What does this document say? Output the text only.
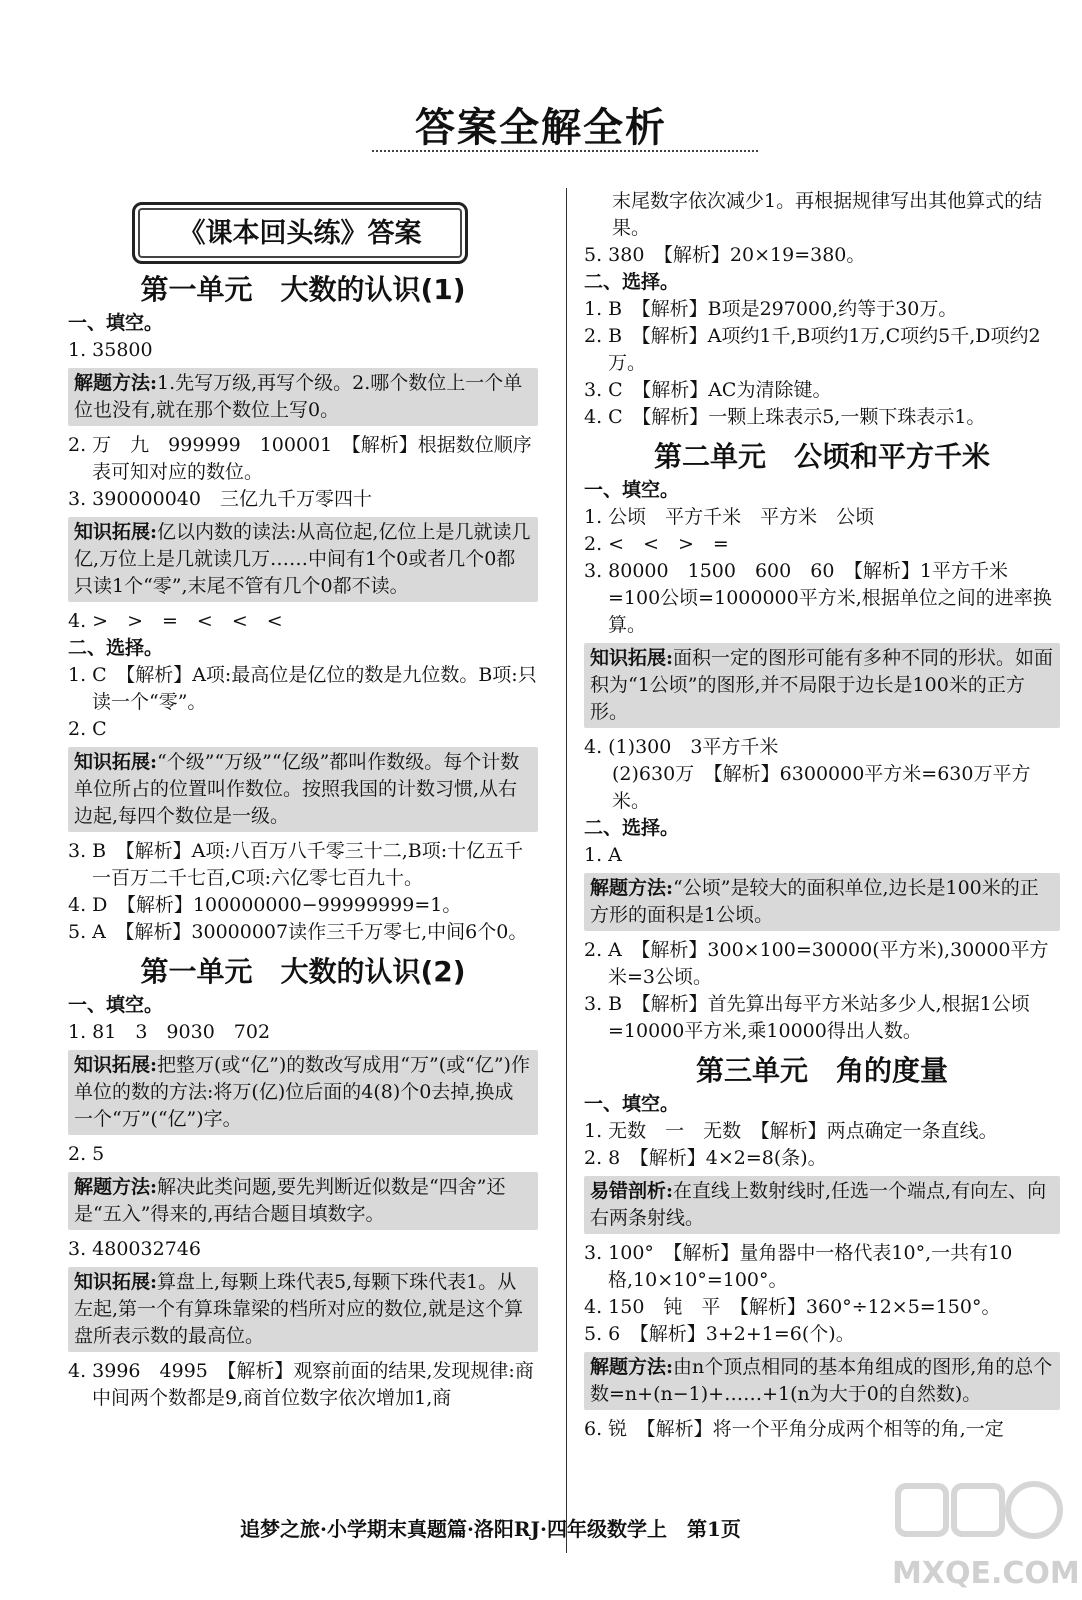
答案全解全析
《课本回头练》答案
第一单元　大数的认识(1)
一、填空。
1. 35800
解题方法:1.先写万级,再写个级。2.哪个数位上一个单位也没有,就在那个数位上写0。
2. 万　九　999999　100001　【解析】根据数位顺序表可知对应的数位。
3. 390000040　三亿九千万零四十
知识拓展:亿以内数的读法:从高位起,亿位上是几就读几亿,万位上是几就读几万……中间有1个0或者几个0都只读1个“零”,末尾不管有几个0都不读。
4. >　>　=　<　<　<
二、选择。
1. C　【解析】A项:最高位是亿位的数是九位数。B项:只读一个“零”。
2. C
知识拓展:“个级”“万级”“亿级”都叫作数级。每个计数单位所占的位置叫作数位。按照我国的计数习惯,从右边起,每四个数位是一级。
3. B　【解析】A项:八百万八千零三十二,B项:十亿五千一百万二千七百,C项:六亿零七百九十。
4. D　【解析】100000000−99999999=1。
5. A　【解析】30000007读作三千万零七,中间6个0。
第一单元　大数的认识(2)
一、填空。
1. 81　3　9030　702
知识拓展:把整万(或“亿”)的数改写成用“万”(或“亿”)作单位的数的方法:将万(亿)位后面的4(8)个0去掉,换成一个“万”(“亿”)字。
2. 5
解题方法:解决此类问题,要先判断近似数是“四舍”还是“五入”得来的,再结合题目填数字。
3. 480032746
知识拓展:算盘上,每颗上珠代表5,每颗下珠代表1。从左起,第一个有算珠靠梁的档所对应的数位,就是这个算盘所表示数的最高位。
4. 3996　4995　【解析】观察前面的结果,发现规律:商中间两个数都是9,商首位数字依次增加1,商
末尾数字依次减少1。再根据规律写出其他算式的结果。
5. 380　【解析】20×19=380。
二、选择。
1. B　【解析】B项是297000,约等于30万。
2. B　【解析】A项约1千,B项约1万,C项约5千,D项约2万。
3. C　【解析】AC为清除键。
4. C　【解析】一颗上珠表示5,一颗下珠表示1。
第二单元　公顷和平方千米
一、填空。
1. 公顷　平方千米　平方米　公顷
2. <　<　>　=
3. 80000　1500　600　60　【解析】1平方千米=100公顷=1000000平方米,根据单位之间的进率换算。
知识拓展:面积一定的图形可能有多种不同的形状。如面积为“1公顷”的图形,并不局限于边长是100米的正方形。
4. (1)300　3平方千米
(2)630万　【解析】6300000平方米=630万平方米。
二、选择。
1. A
解题方法:“公顷”是较大的面积单位,边长是100米的正方形的面积是1公顷。
2. A　【解析】300×100=30000(平方米),30000平方米=3公顷。
3. B　【解析】首先算出每平方米站多少人,根据1公顷=10000平方米,乘10000得出人数。
第三单元　角的度量
一、填空。
1. 无数　一　无数　【解析】两点确定一条直线。
2. 8　【解析】4×2=8(条)。
易错剖析:在直线上数射线时,任选一个端点,有向左、向右两条射线。
3. 100°　【解析】量角器中一格代表10°,一共有10格,10×10°=100°。
4. 150　钝　平　【解析】360°÷12×5=150°。
5. 6　【解析】3+2+1=6(个)。
解题方法:由n个顶点相同的基本角组成的图形,角的总个数=n+(n−1)+……+1(n为大于0的自然数)。
6. 锐　【解析】将一个平角分成两个相等的角,一定
追梦之旅·小学期末真题篇·洛阳RJ·四年级数学上　第1页
MXQE.COM
